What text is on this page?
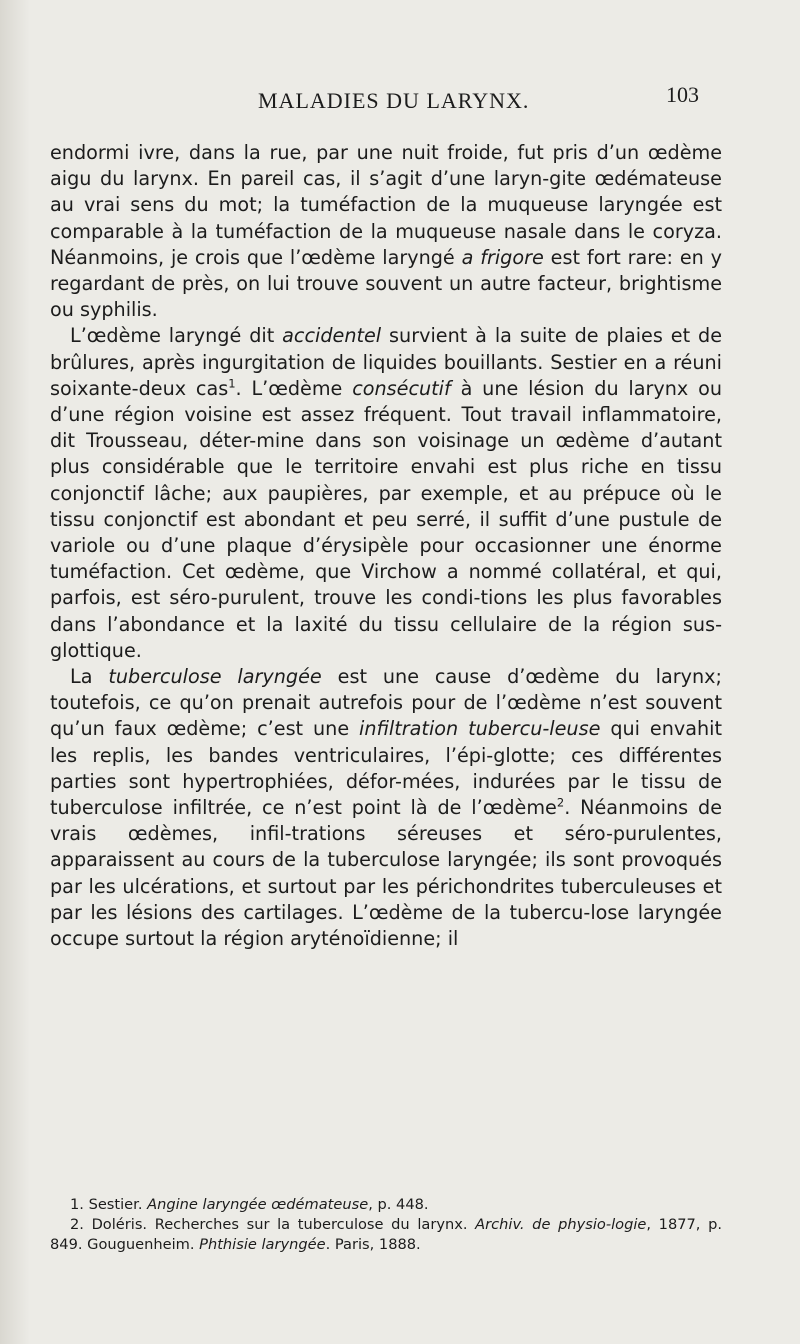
MALADIES DU LARYNX.	103

endormi ivre, dans la rue, par une nuit froide, fut pris d’un œdème aigu du larynx. En pareil cas, il s’agit d’une laryn-gite œdémateuse au vrai sens du mot; la tuméfaction de la muqueuse laryngée est comparable à la tuméfaction de la muqueuse nasale dans le coryza. Néanmoins, je crois que l’œdème laryngé a frigore est fort rare: en y regardant de près, on lui trouve souvent un autre facteur, brightisme ou syphilis.

L’œdème laryngé dit accidentel survient à la suite de plaies et de brûlures, après ingurgitation de liquides bouillants. Sestier en a réuni soixante-deux cas$^1$. L’œdème consécutif à une lésion du larynx ou d’une région voisine est assez fréquent. Tout travail inflammatoire, dit Trousseau, déter-mine dans son voisinage un œdème d’autant plus considérable que le territoire envahi est plus riche en tissu conjonctif lâche; aux paupières, par exemple, et au prépuce où le tissu conjonctif est abondant et peu serré, il suffit d’une pustule de variole ou d’une plaque d’érysipèle pour occasionner une énorme tuméfaction. Cet œdème, que Virchow a nommé collatéral, et qui, parfois, est séro-purulent, trouve les condi-tions les plus favorables dans l’abondance et la laxité du tissu cellulaire de la région sus-glottique.

La tuberculose laryngée est une cause d’œdème du larynx; toutefois, ce qu’on prenait autrefois pour de l’œdème n’est souvent qu’un faux œdème; c’est une infiltration tubercu-leuse qui envahit les replis, les bandes ventriculaires, l’épi-glotte; ces différentes parties sont hypertrophiées, défor-mées, indurées par le tissu de tuberculose infiltrée, ce n’est point là de l’œdème$^2$. Néanmoins de vrais œdèmes, infil-trations séreuses et séro-purulentes, apparaissent au cours de la tuberculose laryngée; ils sont provoqués par les ulcérations, et surtout par les périchondrites tuberculeuses et par les lésions des cartilages. L’œdème de la tubercu-lose laryngée occupe surtout la région aryténoïdienne; il

1. Sestier. Angine laryngée œdémateuse, p. 448.

2. Doléris. Recherches sur la tuberculose du larynx. Archiv. de physio-logie, 1877, p. 849. Gouguenheim. Phthisie laryngée. Paris, 1888.
